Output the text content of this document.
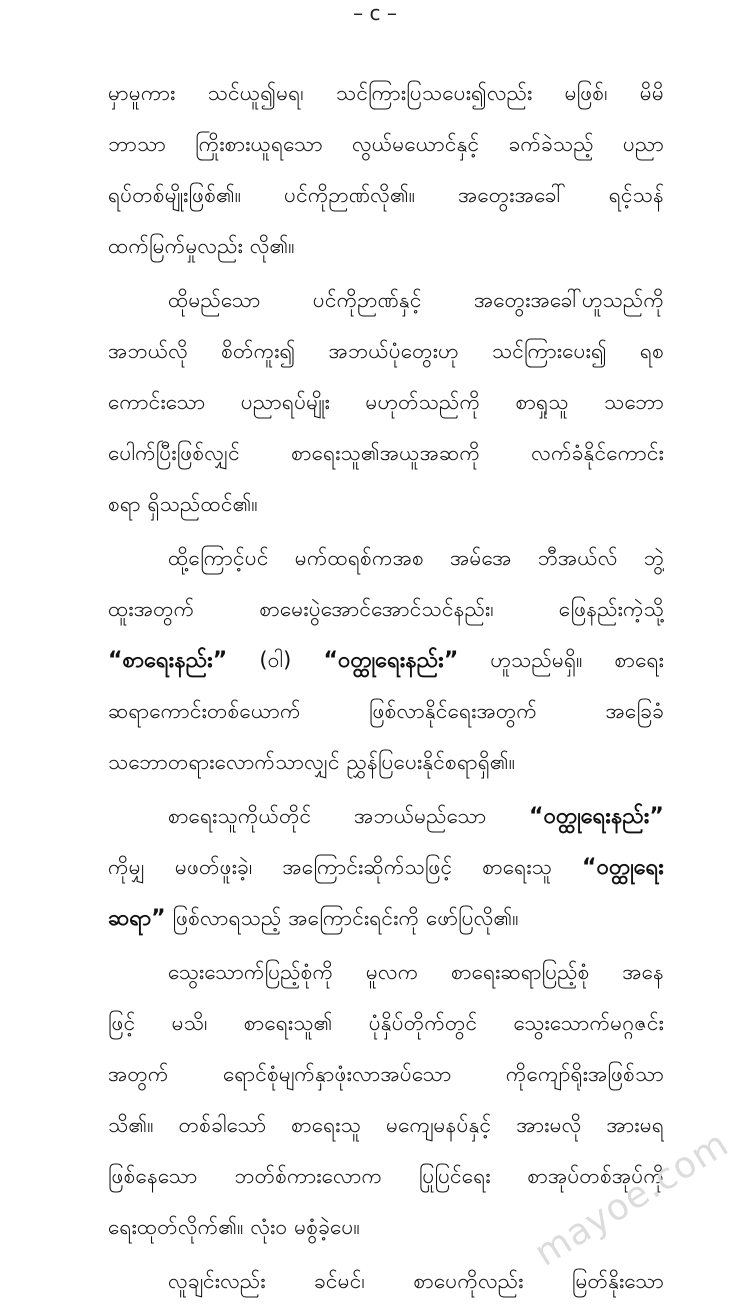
– c –
မှာမူကား သင်ယူ၍မရ၊ သင်ကြားပြသပေး၍လည်း မဖြစ်၊ မိမိ
ဘာသာ ကြိုးစားယူရသော လွယ်မယောင်နှင့် ခက်ခဲသည့် ပညာ
ရပ်တစ်မျိုးဖြစ်၏။ ပင်ကိုဉာဏ်လို၏။ အတွေးအခေါ် ရင့်သန်
ထက်မြက်မှုလည်း လို၏။
ထိုမည်သော ပင်ကိုဉာဏ်နှင့် အတွေးအခေါ်ဟူသည်ကို
အဘယ်လို စိတ်ကူး၍ အဘယ်ပုံတွေးဟု သင်ကြားပေး၍ ရစ
ကောင်းသော ပညာရပ်မျိုး မဟုတ်သည်ကို စာရှုသူ သဘော
ပေါက်ပြီးဖြစ်လျှင် စာရေးသူ၏အယူအဆကို လက်ခံနိုင်ကောင်း
စရာ ရှိသည်ထင်၏။
ထို့ကြောင့်ပင် မက်ထရစ်ကအစ အမ်အေ ဘီအယ်လ် ဘွဲ့
ထူးအတွက် စာမေးပွဲအောင်အောင်သင်နည်း၊ ဖြေနည်းကဲ့သို့
“စာရေးနည်း” (ဝါ) “ဝတ္ထုရေးနည်း” ဟူသည်မရှိ။ စာရေး
ဆရာကောင်းတစ်ယောက် ဖြစ်လာနိုင်ရေးအတွက် အခြေခံ
သဘောတရားလောက်သာလျှင် ညွှန်ပြပေးနိုင်စရာရှိ၏။
စာရေးသူကိုယ်တိုင် အဘယ်မည်သော “ဝတ္ထုရေးနည်း”
ကိုမျှ မဖတ်ဖူးခဲ့၊ အကြောင်းဆိုက်သဖြင့် စာရေးသူ “ဝတ္ထုရေး
ဆရာ” ဖြစ်လာရသည့် အကြောင်းရင်းကို ဖော်ပြလို၏။
သွေးသောက်ပြည့်စုံကို မူလက စာရေးဆရာပြည့်စုံ အနေ
ဖြင့် မသိ၊ စာရေးသူ၏ ပုံနှိပ်တိုက်တွင် သွေးသောက်မဂ္ဂဇင်း
အတွက် ရောင်စုံမျက်နှာဖုံးလာအပ်သော ကိုကျော်ရိုးအဖြစ်သာ
သိ၏။ တစ်ခါသော် စာရေးသူ မကျေမနပ်နှင့် အားမလို အားမရ
ဖြစ်နေသော ဘတ်စ်ကားလောက ပြုပြင်ရေး စာအုပ်တစ်အုပ်ကို
ရေးထုတ်လိုက်၏။ လုံးဝ မစွံခဲ့ပေ။
လူချင်းလည်း ခင်မင်၊ စာပေကိုလည်း မြတ်နိုးသော
mayoe.com
